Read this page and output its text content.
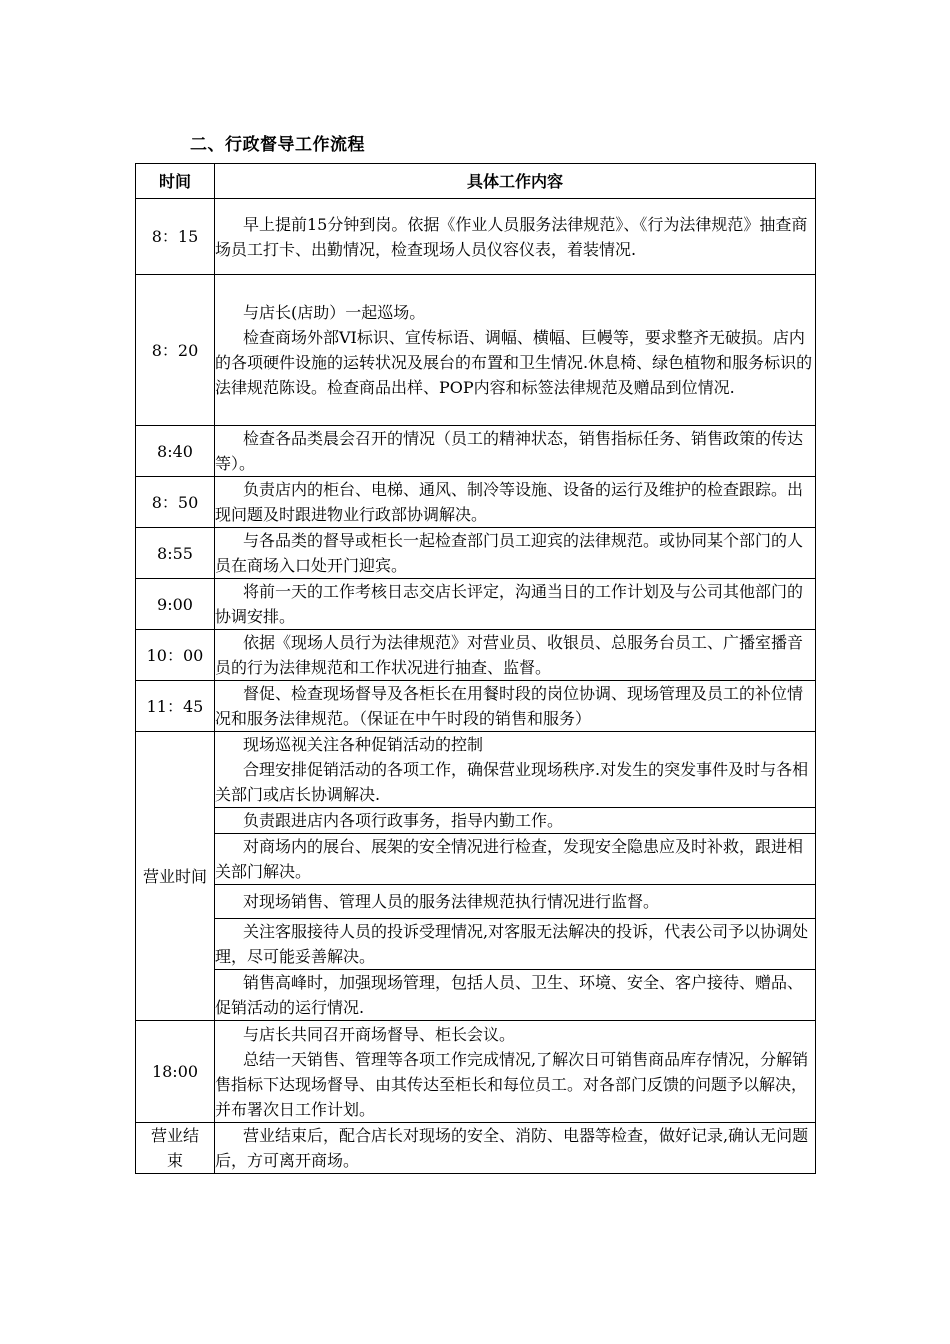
二、行政督导工作流程
时间	具体工作内容
8：15	早上提前15分钟到岗。依据《作业人员服务法律规范》、《行为法律规范》抽查商场员工打卡、出勤情况，检查现场人员仪容仪表，着装情况.

8：20	与店长(店助）一起巡场。

检查商场外部VI标识、宣传标语、调幅、横幅、巨幔等，要求整齐无破损。店内的各项硬件设施的运转状况及展台的布置和卫生情况.休息椅、绿色植物和服务标识的法律规范陈设。检查商品出样、POP内容和标签法律规范及赠品到位情况.

8:40	检查各品类晨会召开的情况（员工的精神状态，销售指标任务、销售政策的传达等）。

8：50	负责店内的柜台、电梯、通风、制冷等设施、设备的运行及维护的检查跟踪。出现问题及时跟进物业行政部协调解决。

8:55	与各品类的督导或柜长一起检查部门员工迎宾的法律规范。或协同某个部门的人员在商场入口处开门迎宾。

9:00	将前一天的工作考核日志交店长评定，沟通当日的工作计划及与公司其他部门的协调安排。

10：00	依据《现场人员行为法律规范》对营业员、收银员、总服务台员工、广播室播音员的行为法律规范和工作状况进行抽查、监督。

11：45	督促、检查现场督导及各柜长在用餐时段的岗位协调、现场管理及员工的补位情况和服务法律规范。（保证在中午时段的销售和服务）

营业时间	现场巡视关注各种促销活动的控制

合理安排促销活动的各项工作，确保营业现场秩序.对发生的突发事件及时与各相关部门或店长协调解决.

	负责跟进店内各项行政事务，指导内勤工作。

	对商场内的展台、展架的安全情况进行检查，发现安全隐患应及时补救，跟进相关部门解决。

	对现场销售、管理人员的服务法律规范执行情况进行监督。

	关注客服接待人员的投诉受理情况,对客服无法解决的投诉，代表公司予以协调处理，尽可能妥善解决。

	销售高峰时，加强现场管理，包括人员、卫生、环境、安全、客户接待、赠品、促销活动的运行情况.

18:00	与店长共同召开商场督导、柜长会议。

总结一天销售、管理等各项工作完成情况,了解次日可销售商品库存情况，分解销售指标下达现场督导、由其传达至柜长和每位员工。对各部门反馈的问题予以解决，并布署次日工作计划。

营业结束	营业结束后，配合店长对现场的安全、消防、电器等检查，做好记录,确认无问题后，方可离开商场。
